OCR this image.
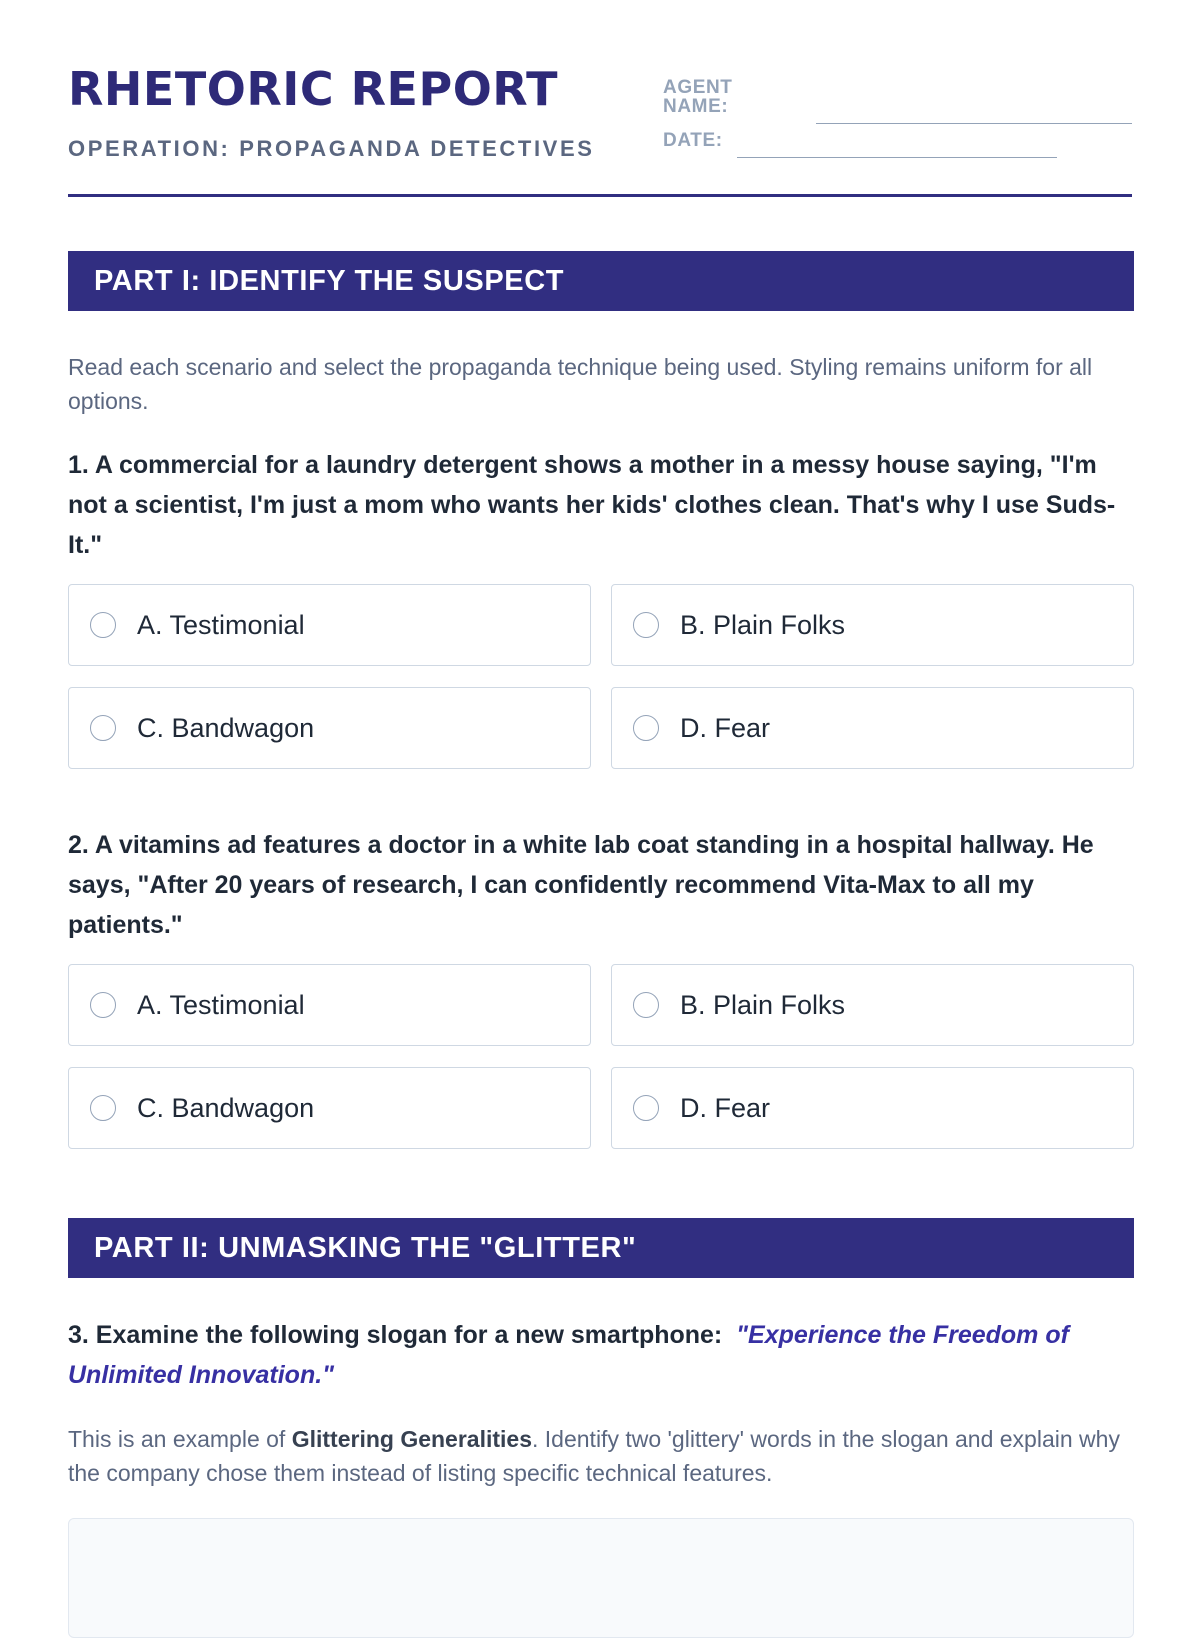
RHETORIC REPORT
OPERATION: PROPAGANDA DETECTIVES
AGENT NAME:
DATE:
PART I: IDENTIFY THE SUSPECT

Read each scenario and select the propaganda technique being used. Styling remains uniform for all options.

1. A commercial for a laundry detergent shows a mother in a messy house saying, "I'm not a scientist, I'm just a mom who wants her kids' clothes clean. That's why I use Suds-It."

A. Testimonial	B. Plain Folks
C. Bandwagon	D. Fear

2. A vitamins ad features a doctor in a white lab coat standing in a hospital hallway. He says, "After 20 years of research, I can confidently recommend Vita-Max to all my patients."

A. Testimonial	B. Plain Folks
C. Bandwagon	D. Fear
PART II: UNMASKING THE "GLITTER"

3. Examine the following slogan for a new smartphone: "Experience the Freedom of Unlimited Innovation."

This is an example of Glittering Generalities. Identify two 'glittery' words in the slogan and explain why the company chose them instead of listing specific technical features.
